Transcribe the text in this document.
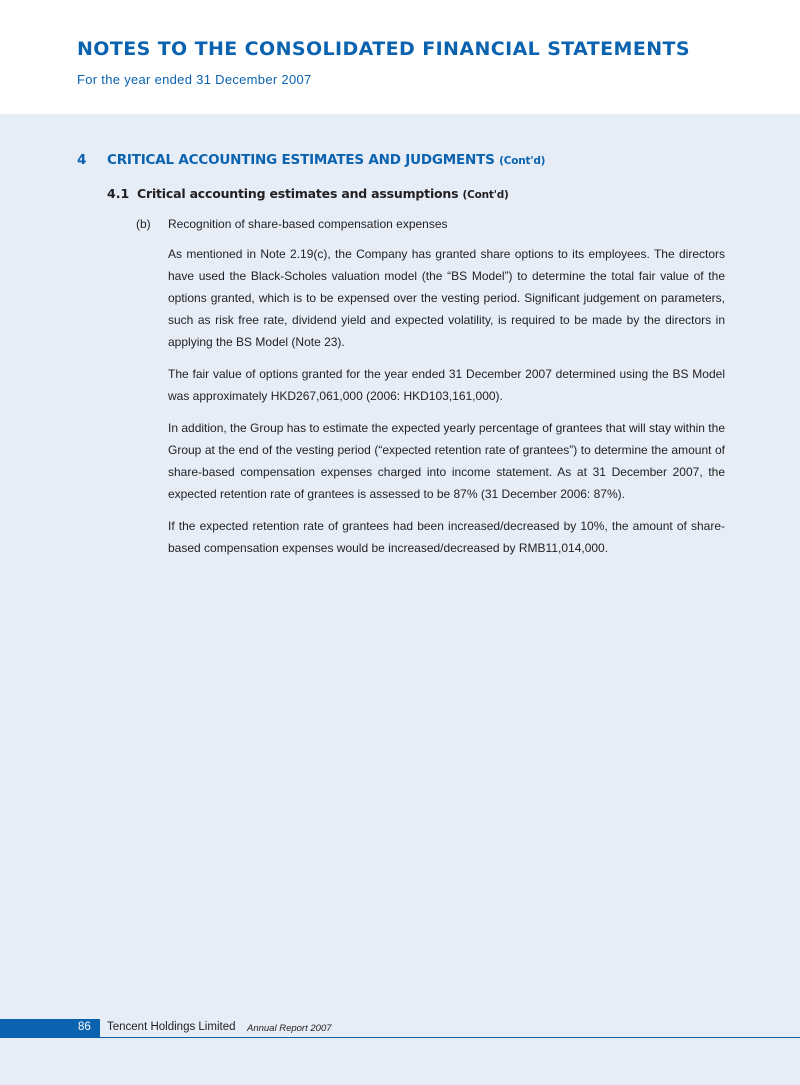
NOTES TO THE CONSOLIDATED FINANCIAL STATEMENTS
For the year ended 31 December 2007
4 CRITICAL ACCOUNTING ESTIMATES AND JUDGMENTS (Cont'd)
4.1 Critical accounting estimates and assumptions (Cont'd)
(b) Recognition of share-based compensation expenses

As mentioned in Note 2.19(c), the Company has granted share options to its employees. The directors have used the Black-Scholes valuation model (the “BS Model”) to determine the total fair value of the options granted, which is to be expensed over the vesting period. Significant judgement on parameters, such as risk free rate, dividend yield and expected volatility, is required to be made by the directors in applying the BS Model (Note 23).

The fair value of options granted for the year ended 31 December 2007 determined using the BS Model was approximately HKD267,061,000 (2006: HKD103,161,000).

In addition, the Group has to estimate the expected yearly percentage of grantees that will stay within the Group at the end of the vesting period (“expected retention rate of grantees”) to determine the amount of share-based compensation expenses charged into income statement. As at 31 December 2007, the expected retention rate of grantees is assessed to be 87% (31 December 2006: 87%).

If the expected retention rate of grantees had been increased/decreased by 10%, the amount of share-based compensation expenses would be increased/decreased by RMB11,014,000.

86 Tencent Holdings Limited Annual Report 2007
